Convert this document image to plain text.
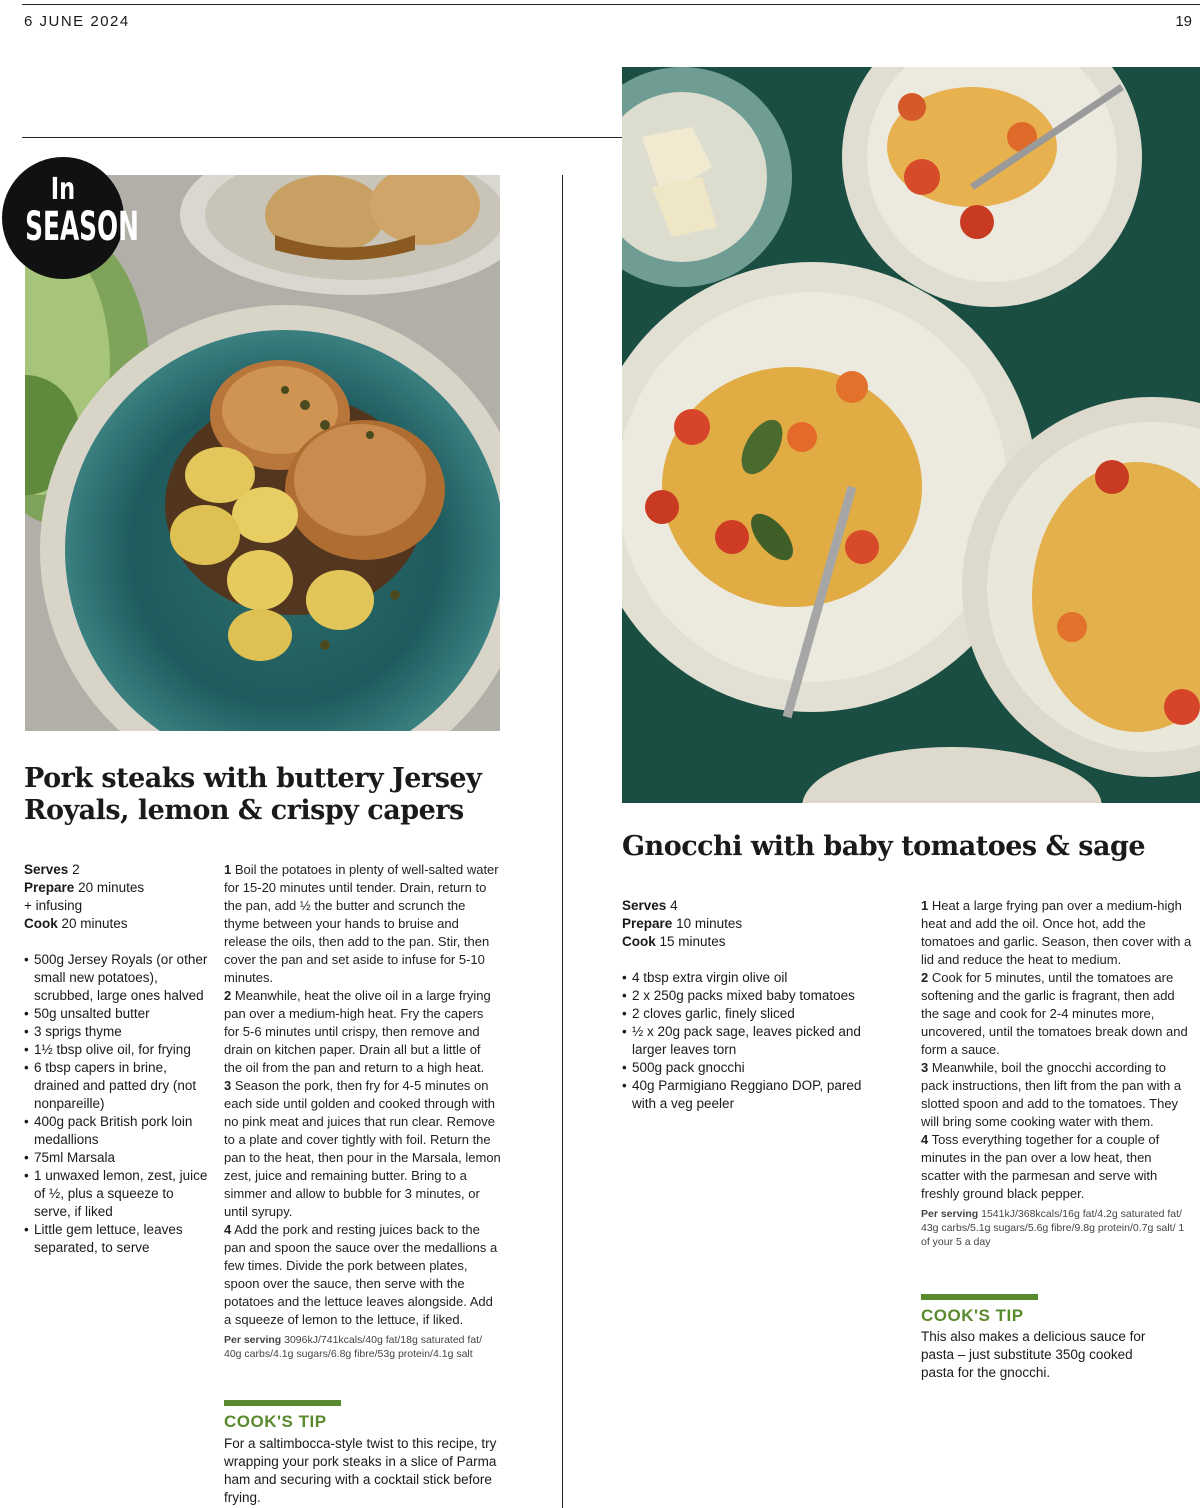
6 JUNE 2024	19
In
SEASON
Pork steaks with buttery Jersey Royals, lemon & crispy capers
Serves 2
Prepare 20 minutes
+ infusing
Cook 20 minutes
• 500g Jersey Royals (or other small new potatoes), scrubbed, large ones halved
• 50g unsalted butter
• 3 sprigs thyme
• 1½ tbsp olive oil, for frying
• 6 tbsp capers in brine, drained and patted dry (not nonpareille)
• 400g pack British pork loin medallions
• 75ml Marsala
• 1 unwaxed lemon, zest, juice of ½, plus a squeeze to serve, if liked
• Little gem lettuce, leaves separated, to serve

1 Boil the potatoes in plenty of well-salted water for 15-20 minutes until tender. Drain, return to the pan, add ½ the butter and scrunch the thyme between your hands to bruise and release the oils, then add to the pan. Stir, then cover the pan and set aside to infuse for 5-10 minutes.

2 Meanwhile, heat the olive oil in a large frying pan over a medium-high heat. Fry the capers for 5-6 minutes until crispy, then remove and drain on kitchen paper. Drain all but a little of the oil from the pan and return to a high heat.

3 Season the pork, then fry for 4-5 minutes on each side until golden and cooked through with no pink meat and juices that run clear. Remove to a plate and cover tightly with foil. Return the pan to the heat, then pour in the Marsala, lemon zest, juice and remaining butter. Bring to a simmer and allow to bubble for 3 minutes, or until syrupy.

4 Add the pork and resting juices back to the pan and spoon the sauce over the medallions a few times. Divide the pork between plates, spoon over the sauce, then serve with the potatoes and the lettuce leaves alongside. Add a squeeze of lemon to the lettuce, if liked.

Per serving 3096kJ/741kcals/40g fat/18g saturated fat/ 40g carbs/4.1g sugars/6.8g fibre/53g protein/4.1g salt
COOK'S TIP
For a saltimbocca-style twist to this recipe, try wrapping your pork steaks in a slice of Parma ham and securing with a cocktail stick before frying.
Gnocchi with baby tomatoes & sage
Serves 4
Prepare 10 minutes
Cook 15 minutes
• 4 tbsp extra virgin olive oil
• 2 x 250g packs mixed baby tomatoes
• 2 cloves garlic, finely sliced
• ½ x 20g pack sage, leaves picked and larger leaves torn
• 500g pack gnocchi
• 40g Parmigiano Reggiano DOP, pared with a veg peeler

1 Heat a large frying pan over a medium-high heat and add the oil. Once hot, add the tomatoes and garlic. Season, then cover with a lid and reduce the heat to medium.

2 Cook for 5 minutes, until the tomatoes are softening and the garlic is fragrant, then add the sage and cook for 2-4 minutes more, uncovered, until the tomatoes break down and form a sauce.

3 Meanwhile, boil the gnocchi according to pack instructions, then lift from the pan with a slotted spoon and add to the tomatoes. They will bring some cooking water with them.

4 Toss everything together for a couple of minutes in the pan over a low heat, then scatter with the parmesan and serve with freshly ground black pepper.

Per serving 1541kJ/368kcals/16g fat/4.2g saturated fat/ 43g carbs/5.1g sugars/5.6g fibre/9.8g protein/0.7g salt/ 1 of your 5 a day
COOK'S TIP
This also makes a delicious sauce for pasta – just substitute 350g cooked pasta for the gnocchi.
